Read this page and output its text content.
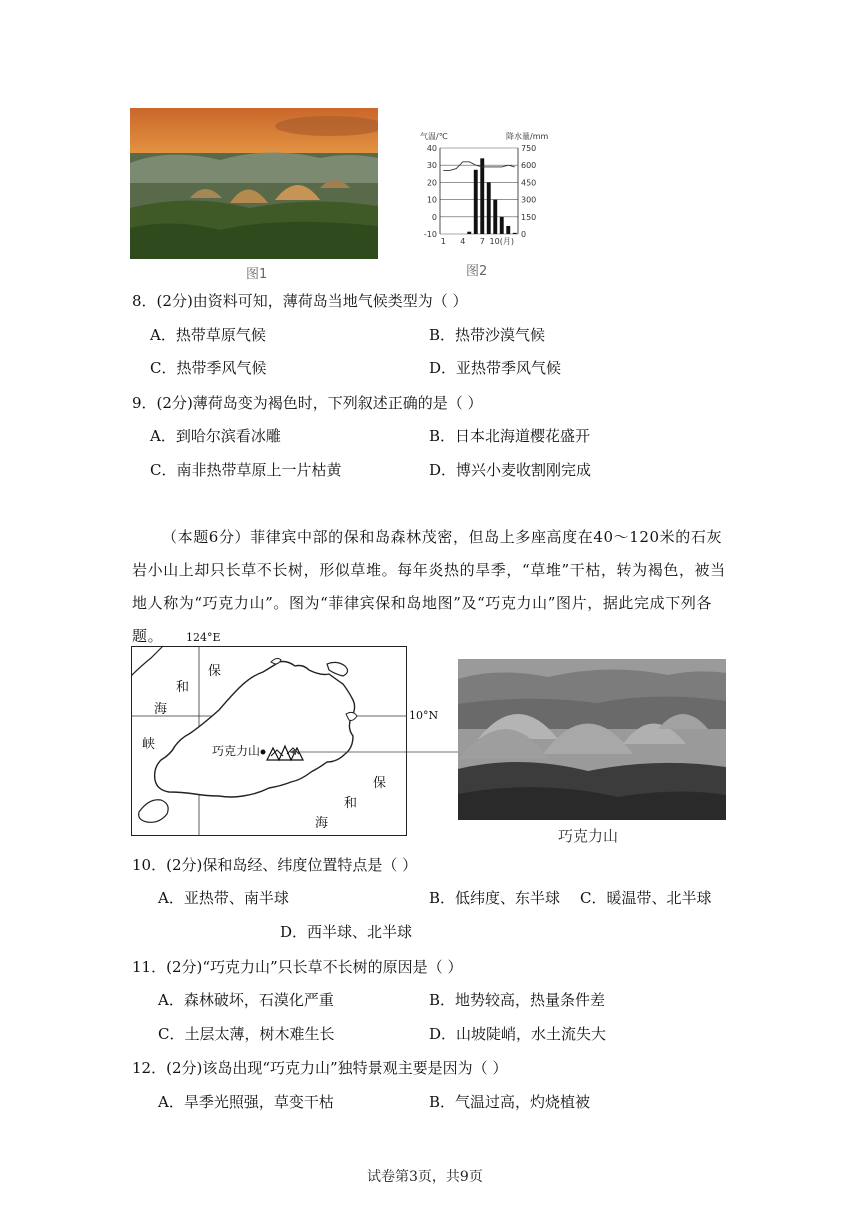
图1
气温/℃	降水量/mm
40
30
20
10
0
-10
750
600
450
300
150
0
1 4 7 10(月)
图2
8．(2分)由资料可知，薄荷岛当地气候类型为（ ）
A．热带草原气候	B．热带沙漠气候
C．热带季风气候	D．亚热带季风气候
9．(2分)薄荷岛变为褐色时，下列叙述正确的是（ ）
A．到哈尔滨看冰雕	B．日本北海道樱花盛开
C．南非热带草原上一片枯黄	D．博兴小麦收割刚完成
（本题6分）菲律宾中部的保和岛森林茂密，但岛上多座高度在40～120米的石灰岩小山上却只长草不长树，形似草堆。每年炎热的旱季，“草堆”干枯，转为褐色，被当地人称为“巧克力山”。图为“菲律宾保和岛地图”及“巧克力山”图片，据此完成下列各题。	124°E
10°N
和
海
峡
保
保
和
海
巧克力山
巧克力山
10．(2分)保和岛经、纬度位置特点是（ ）
A．亚热带、南半球	B．低纬度、东半球 C．暖温带、北半球
D．西半球、北半球
11．(2分)“巧克力山”只长草不长树的原因是（ ）
A．森林破坏，石漠化严重	B．地势较高，热量条件差
C．土层太薄，树木难生长	D．山坡陡峭，水土流失大
12．(2分)该岛出现“巧克力山”独特景观主要是因为（ ）
A．旱季光照强，草变干枯	B．气温过高，灼烧植被
试卷第3页，共9页
